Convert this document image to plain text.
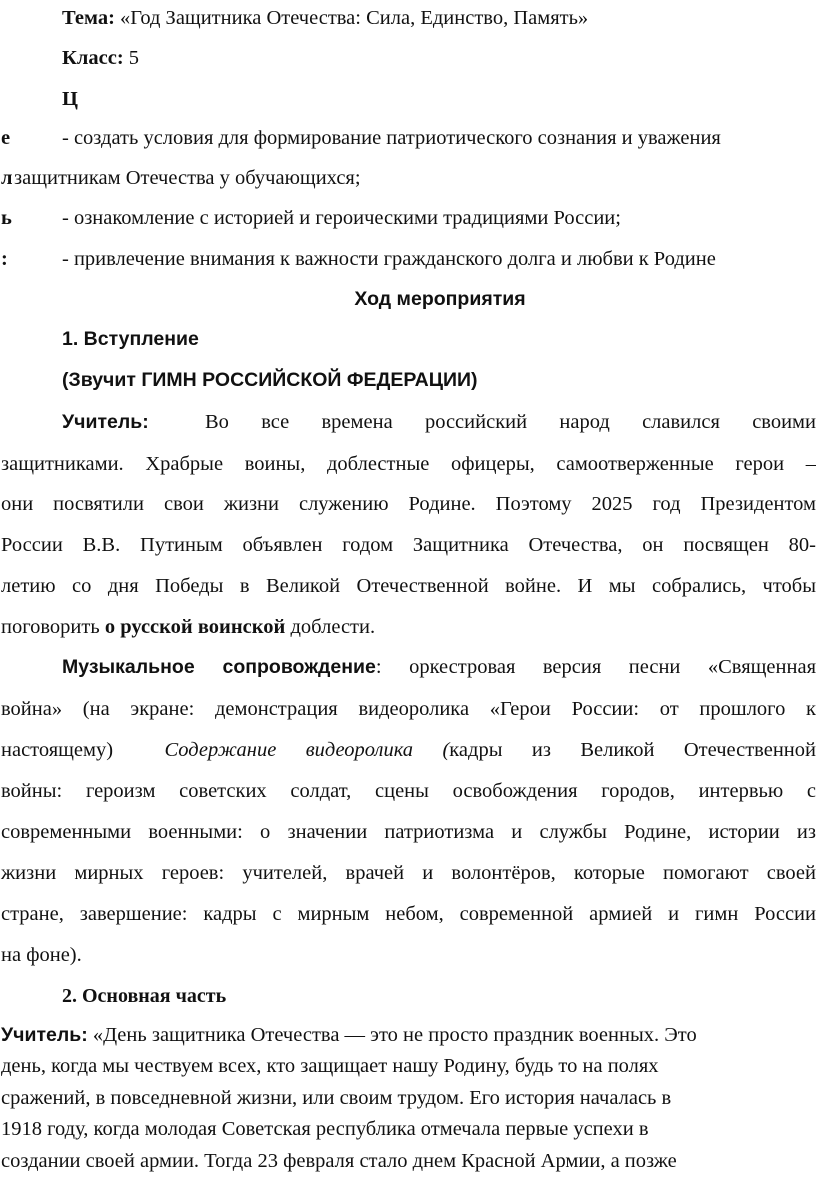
Тема: «Год Защитника Отечества: Сила, Единство, Память»
Класс: 5
Ц
е
л
ь
:
- создать условия для формирование патриотического сознания и уважения
защитникам Отечества у обучающихся;
- ознакомление с историей и героическими традициями России;
- привлечение внимания к важности гражданского долга и любви к Родине
Ход мероприятия
1. Вступление
(Звучит ГИМН РОССИЙСКОЙ ФЕДЕРАЦИИ)
Учитель:	Во все времена российский народ славился своими
защитниками. Храбрые воины, доблестные офицеры, самоотверженные герои –
они посвятили свои жизни служению Родине. Поэтому 2025 год Президентом
России В.В. Путиным объявлен годом Защитника Отечества, он посвящен 80-
летию со дня Победы в Великой Отечественной войне. И мы собрались, чтобы
поговорить о русской воинской доблести.
Музыкальное сопровождение: оркестровая версия песни «Священная
война» (на экране: демонстрация видеоролика «Герои России: от прошлого к
настоящему)	Содержание видеоролика (кадры из Великой Отечественной
войны: героизм советских солдат, сцены освобождения городов, интервью с
современными военными: о значении патриотизма и службы Родине, истории из
жизни мирных героев: учителей, врачей и волонтёров, которые помогают своей
стране, завершение: кадры с мирным небом, современной армией и гимн России
на фоне).
2. Основная часть
Учитель: «День защитника Отечества — это не просто праздник военных. Это
день, когда мы чествуем всех, кто защищает нашу Родину, будь то на полях
сражений, в повседневной жизни, или своим трудом. Его история началась в
1918 году, когда молодая Советская республика отмечала первые успехи в
создании своей армии. Тогда 23 февраля стало днем Красной Армии, а позже
